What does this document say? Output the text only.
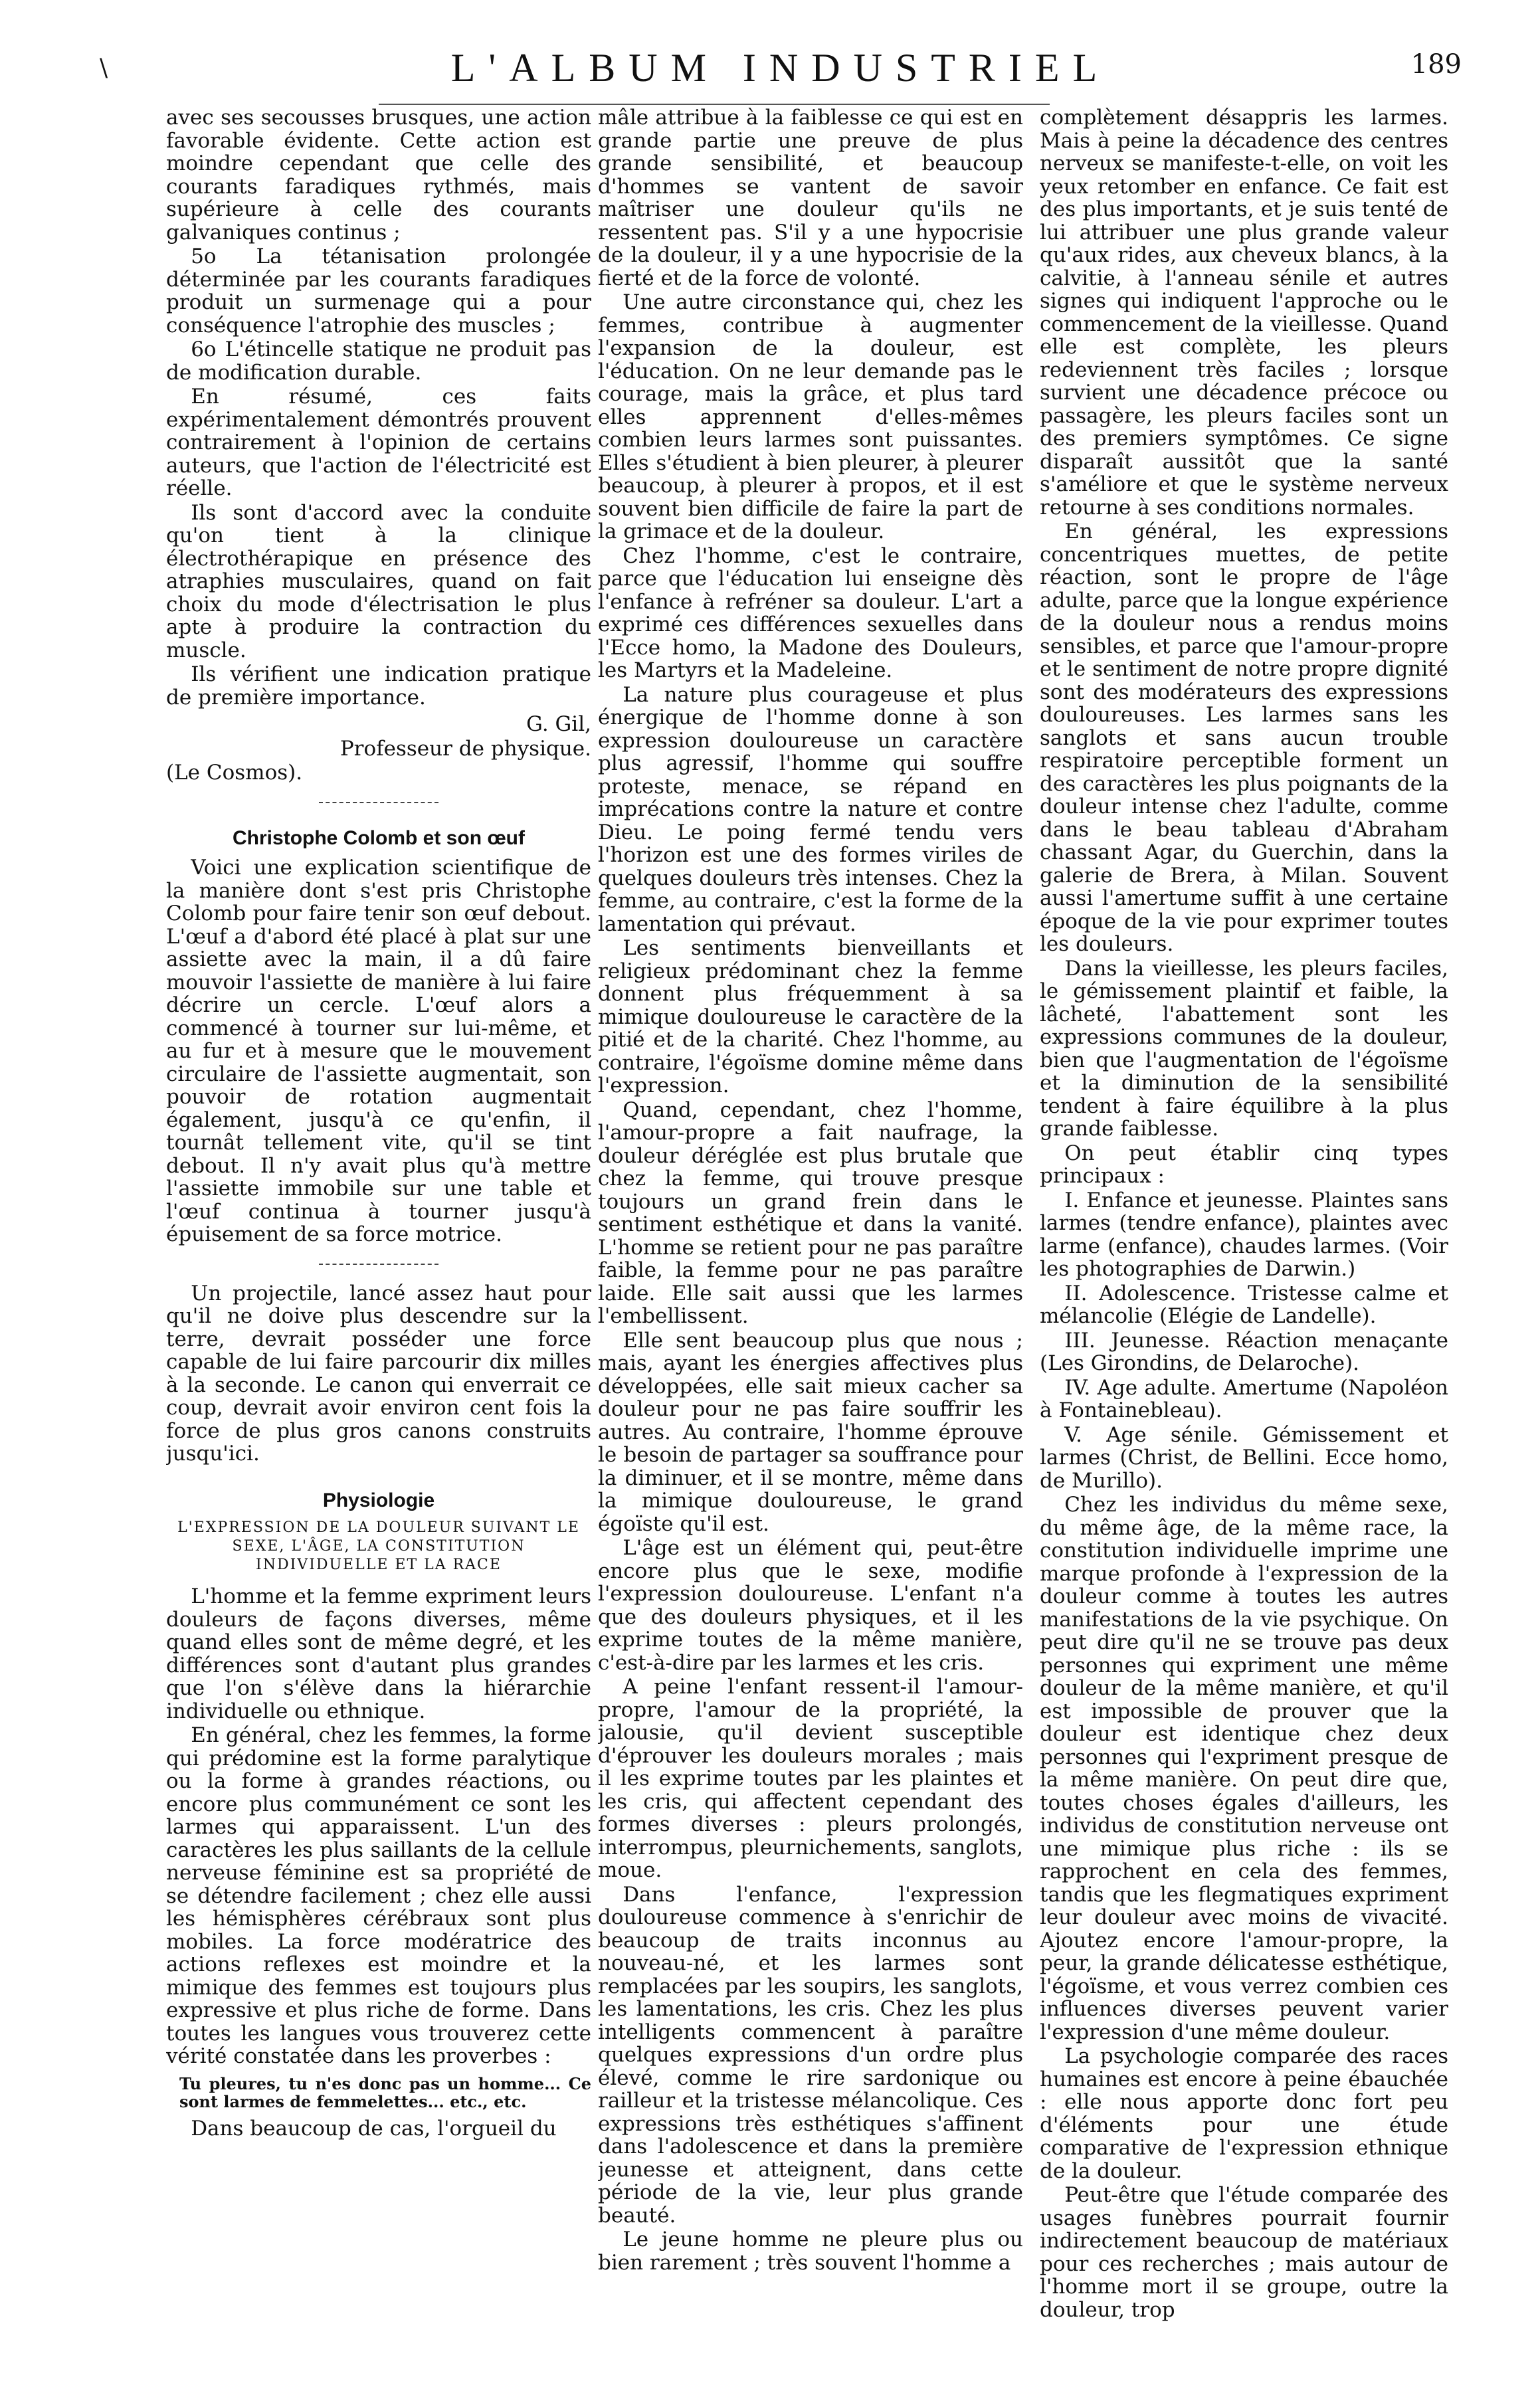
\	L'ALBUM INDUSTRIEL	189

avec ses secousses brusques, une action favorable évidente. Cette action est moindre cependant que celle des courants faradiques rythmés, mais supérieure à celle des courants galvaniques continus ;

5o La tétanisation prolongée déterminée par les courants faradiques produit un surmenage qui a pour conséquence l'atrophie des muscles ;

6o L'étincelle statique ne produit pas de modification durable.

En résumé, ces faits expérimentalement démontrés prouvent contrairement à l'opinion de certains auteurs, que l'action de l'électricité est réelle.

Ils sont d'accord avec la conduite qu'on tient à la clinique électrothérapique en présence des atraphies musculaires, quand on fait choix du mode d'électrisation le plus apte à produire la contraction du muscle.

Ils vérifient une indication pratique de première importance.

G. Gil,

Professeur de physique.

(Le Cosmos).

Christophe Colomb et son œuf

Voici une explication scientifique de la manière dont s'est pris Christophe Colomb pour faire tenir son œuf debout. L'œuf a d'abord été placé à plat sur une assiette avec la main, il a dû faire mouvoir l'assiette de manière à lui faire décrire un cercle. L'œuf alors a commencé à tourner sur lui-même, et au fur et à mesure que le mouvement circulaire de l'assiette augmentait, son pouvoir de rotation augmentait également, jusqu'à ce qu'enfin, il tournât tellement vite, qu'il se tint debout. Il n'y avait plus qu'à mettre l'assiette immobile sur une table et l'œuf continua à tourner jusqu'à épuisement de sa force motrice.

Un projectile, lancé assez haut pour qu'il ne doive plus descendre sur la terre, devrait posséder une force capable de lui faire parcourir dix milles à la seconde. Le canon qui enverrait ce coup, devrait avoir environ cent fois la force de plus gros canons construits jusqu'ici.

Physiologie
L'EXPRESSION DE LA DOULEUR SUIVANT LE SEXE, L'ÂGE, LA CONSTITUTION INDIVIDUELLE ET LA RACE

L'homme et la femme expriment leurs douleurs de façons diverses, même quand elles sont de même degré, et les différences sont d'autant plus grandes que l'on s'élève dans la hiérarchie individuelle ou ethnique.

En général, chez les femmes, la forme qui prédomine est la forme paralytique ou la forme à grandes réactions, ou encore plus communément ce sont les larmes qui apparaissent. L'un des caractères les plus saillants de la cellule nerveuse féminine est sa propriété de se détendre facilement ; chez elle aussi les hémisphères cérébraux sont plus mobiles. La force modératrice des actions reflexes est moindre et la mimique des femmes est toujours plus expressive et plus riche de forme. Dans toutes les langues vous trouverez cette vérité constatée dans les proverbes :

Tu pleures, tu n'es donc pas un homme... Ce sont larmes de femmelettes... etc., etc.

Dans beaucoup de cas, l'orgueil du

mâle attribue à la faiblesse ce qui est en grande partie une preuve de plus grande sensibilité, et beaucoup d'hommes se vantent de savoir maîtriser une douleur qu'ils ne ressentent pas. S'il y a une hypocrisie de la douleur, il y a une hypocrisie de la fierté et de la force de volonté.

Une autre circonstance qui, chez les femmes, contribue à augmenter l'expansion de la douleur, est l'éducation. On ne leur demande pas le courage, mais la grâce, et plus tard elles apprennent d'elles-mêmes combien leurs larmes sont puissantes. Elles s'étudient à bien pleurer, à pleurer beaucoup, à pleurer à propos, et il est souvent bien difficile de faire la part de la grimace et de la douleur.

Chez l'homme, c'est le contraire, parce que l'éducation lui enseigne dès l'enfance à refréner sa douleur. L'art a exprimé ces différences sexuelles dans l'Ecce homo, la Madone des Douleurs, les Martyrs et la Madeleine.

La nature plus courageuse et plus énergique de l'homme donne à son expression douloureuse un caractère plus agressif, l'homme qui souffre proteste, menace, se répand en imprécations contre la nature et contre Dieu. Le poing fermé tendu vers l'horizon est une des formes viriles de quelques douleurs très intenses. Chez la femme, au contraire, c'est la forme de la lamentation qui prévaut.

Les sentiments bienveillants et religieux prédominant chez la femme donnent plus fréquemment à sa mimique douloureuse le caractère de la pitié et de la charité. Chez l'homme, au contraire, l'égoïsme domine même dans l'expression.

Quand, cependant, chez l'homme, l'amour-propre a fait naufrage, la douleur déréglée est plus brutale que chez la femme, qui trouve presque toujours un grand frein dans le sentiment esthétique et dans la vanité. L'homme se retient pour ne pas paraître faible, la femme pour ne pas paraître laide. Elle sait aussi que les larmes l'embellissent.

Elle sent beaucoup plus que nous ; mais, ayant les énergies affectives plus développées, elle sait mieux cacher sa douleur pour ne pas faire souffrir les autres. Au contraire, l'homme éprouve le besoin de partager sa souffrance pour la diminuer, et il se montre, même dans la mimique douloureuse, le grand égoïste qu'il est.

L'âge est un élément qui, peut-être encore plus que le sexe, modifie l'expression douloureuse. L'enfant n'a que des douleurs physiques, et il les exprime toutes de la même manière, c'est-à-dire par les larmes et les cris.

A peine l'enfant ressent-il l'amour-propre, l'amour de la propriété, la jalousie, qu'il devient susceptible d'éprouver les douleurs morales ; mais il les exprime toutes par les plaintes et les cris, qui affectent cependant des formes diverses : pleurs prolongés, interrompus, pleurnichements, sanglots, moue.

Dans l'enfance, l'expression douloureuse commence à s'enrichir de beaucoup de traits inconnus au nouveau-né, et les larmes sont remplacées par les soupirs, les sanglots, les lamentations, les cris. Chez les plus intelligents commencent à paraître quelques expressions d'un ordre plus élevé, comme le rire sardonique ou railleur et la tristesse mélancolique. Ces expressions très esthétiques s'affinent dans l'adolescence et dans la première jeunesse et atteignent, dans cette période de la vie, leur plus grande beauté.

Le jeune homme ne pleure plus ou bien rarement ; très souvent l'homme a

complètement désappris les larmes. Mais à peine la décadence des centres nerveux se manifeste-t-elle, on voit les yeux retomber en enfance. Ce fait est des plus importants, et je suis tenté de lui attribuer une plus grande valeur qu'aux rides, aux cheveux blancs, à la calvitie, à l'anneau sénile et autres signes qui indiquent l'approche ou le commencement de la vieillesse. Quand elle est complète, les pleurs redeviennent très faciles ; lorsque survient une décadence précoce ou passagère, les pleurs faciles sont un des premiers symptômes. Ce signe disparaît aussitôt que la santé s'améliore et que le système nerveux retourne à ses conditions normales.

En général, les expressions concentriques muettes, de petite réaction, sont le propre de l'âge adulte, parce que la longue expérience de la douleur nous a rendus moins sensibles, et parce que l'amour-propre et le sentiment de notre propre dignité sont des modérateurs des expressions douloureuses. Les larmes sans les sanglots et sans aucun trouble respiratoire perceptible forment un des caractères les plus poignants de la douleur intense chez l'adulte, comme dans le beau tableau d'Abraham chassant Agar, du Guerchin, dans la galerie de Brera, à Milan. Souvent aussi l'amertume suffit à une certaine époque de la vie pour exprimer toutes les douleurs.

Dans la vieillesse, les pleurs faciles, le gémissement plaintif et faible, la lâcheté, l'abattement sont les expressions communes de la douleur, bien que l'augmentation de l'égoïsme et la diminution de la sensibilité tendent à faire équilibre à la plus grande faiblesse.

On peut établir cinq types principaux :

I. Enfance et jeunesse. Plaintes sans larmes (tendre enfance), plaintes avec larme (enfance), chaudes larmes. (Voir les photographies de Darwin.)

II. Adolescence. Tristesse calme et mélancolie (Elégie de Landelle).

III. Jeunesse. Réaction menaçante (Les Girondins, de Delaroche).

IV. Age adulte. Amertume (Napoléon à Fontainebleau).

V. Age sénile. Gémissement et larmes (Christ, de Bellini. Ecce homo, de Murillo).

Chez les individus du même sexe, du même âge, de la même race, la constitution individuelle imprime une marque profonde à l'expression de la douleur comme à toutes les autres manifestations de la vie psychique. On peut dire qu'il ne se trouve pas deux personnes qui expriment une même douleur de la même manière, et qu'il est impossible de prouver que la douleur est identique chez deux personnes qui l'expriment presque de la même manière. On peut dire que, toutes choses égales d'ailleurs, les individus de constitution nerveuse ont une mimique plus riche : ils se rapprochent en cela des femmes, tandis que les flegmatiques expriment leur douleur avec moins de vivacité. Ajoutez encore l'amour-propre, la peur, la grande délicatesse esthétique, l'égoïsme, et vous verrez combien ces influences diverses peuvent varier l'expression d'une même douleur.

La psychologie comparée des races humaines est encore à peine ébauchée : elle nous apporte donc fort peu d'éléments pour une étude comparative de l'expression ethnique de la douleur.

Peut-être que l'étude comparée des usages funèbres pourrait fournir indirectement beaucoup de matériaux pour ces recherches ; mais autour de l'homme mort il se groupe, outre la douleur, trop
